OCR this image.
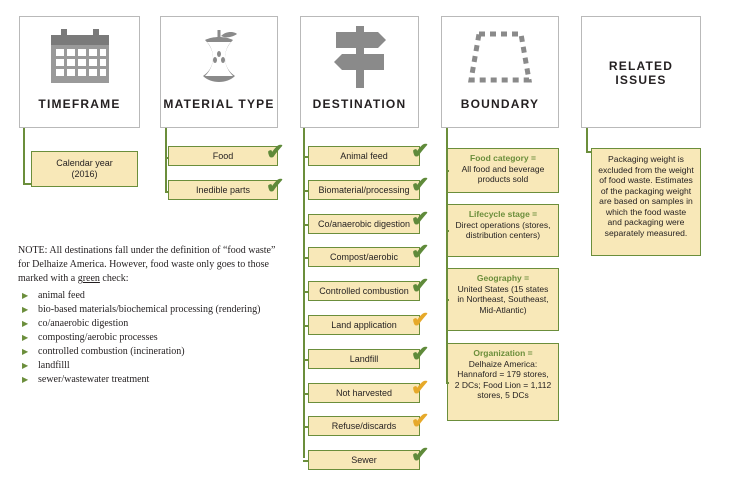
TIMEFRAME	MATERIAL TYPE	DESTINATION	BOUNDARY
RELATED ISSUES
Calendar year (2016)
Food ✔
Inedible parts ✔
Animal feed ✔
Biomaterial/processing ✔
Co/anaerobic digestion ✔
Compost/aerobic ✔
Controlled combustion ✔
Land application ✔
Landfill ✔
Not harvested ✔
Refuse/discards ✔
Sewer ✔
Food category =
All food and beverage products sold
Lifecycle stage =
Direct operations (stores, distribution centers)
Geography =
United States (15 states in Northeast, Southeast, Mid-Atlantic)
Organization =
Delhaize America: Hannaford = 179 stores, 2 DCs; Food Lion = 1,112 stores, 5 DCs
Packaging weight is excluded from the weight of food waste. Estimates of the packaging weight are based on samples in which the food waste and packaging were separately measured.
NOTE: All destinations fall under the definition of “food waste” for Delhaize America. However, food waste only goes to those marked with a green check:
▶ animal feed
▶ bio-based materials/biochemical processing (rendering)
▶ co/anaerobic digestion
▶ composting/aerobic processes
▶ controlled combustion (incineration)
▶ landfilll
▶ sewer/wastewater treatment
